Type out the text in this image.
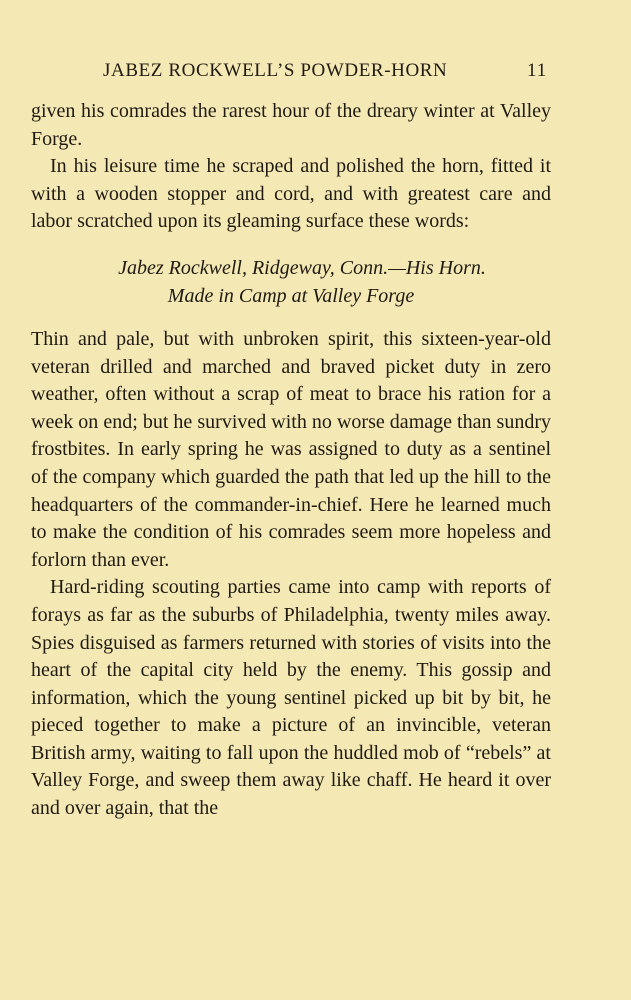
JABEZ ROCKWELL’S POWDER-HORN	11

given his comrades the rarest hour of the dreary winter at Valley Forge.

In his leisure time he scraped and polished the horn, fitted it with a wooden stopper and cord, and with greatest care and labor scratched upon its gleaming surface these words:

Jabez Rockwell, Ridgeway, Conn.—His Horn.
Made in Camp at Valley Forge

Thin and pale, but with unbroken spirit, this sixteen-year-old veteran drilled and marched and braved picket duty in zero weather, often without a scrap of meat to brace his ration for a week on end; but he survived with no worse damage than sundry frostbites. In early spring he was assigned to duty as a sentinel of the company which guarded the path that led up the hill to the headquarters of the commander-in-chief. Here he learned much to make the condition of his comrades seem more hopeless and forlorn than ever.

Hard-riding scouting parties came into camp with reports of forays as far as the suburbs of Philadelphia, twenty miles away. Spies disguised as farmers returned with stories of visits into the heart of the capital city held by the enemy. This gossip and information, which the young sentinel picked up bit by bit, he pieced together to make a picture of an invincible, veteran British army, waiting to fall upon the huddled mob of “rebels” at Valley Forge, and sweep them away like chaff. He heard it over and over again, that the
